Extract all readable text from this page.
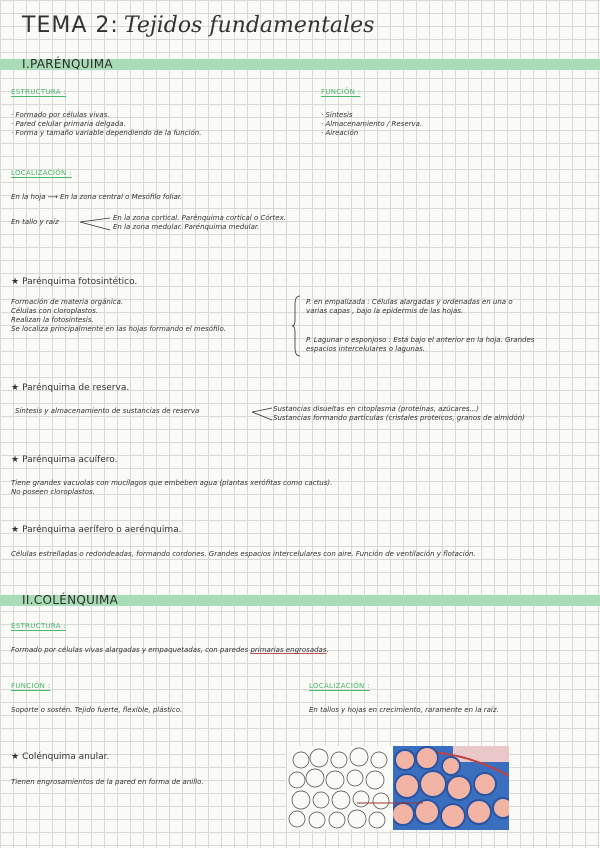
TEMA 2: Tejidos fundamentales
I.PARÉNQUIMA
ESTRUCTURA :
· Formado por células vivas.
· Pared celular primaria delgada.
· Forma y tamaño variable dependiendo de la función.
FUNCIÓN :
· Síntesis
· Almacenamiento / Reserva.
· Aireación
LOCALIZACIÓN :
En la hoja ⟶ En la zona central o Mesófilo foliar.
En tallo y raíz	En la zona cortical. Parénquima cortical o Córtex.
En la zona medular. Parénquima medular.
★ Parénquima fotosintético.
Formación de materia orgánica.
Células con cloroplastos.
Realizan la fotosíntesis.
Se localiza principalmente en las hojas formando el mesófilo.
P. en empalizada : Células alargadas y ordenadas en una o
varias capas , bajo la epidermis de las hojas.
P. Lagunar o esponjoso : Está bajo el anterior en la hoja. Grandes
espacios intercelulares o lagunas.
★ Parénquima de reserva.
Síntesis y almacenamiento de sustancias de reserva	Sustancias disueltas en citoplasma (proteínas, azúcares...)
Sustancias formando partículas (cristales proteicos, granos de almidón)
★ Parénquima acuífero.
Tiene grandes vacuolas con mucílagos que embeben agua (plantas xerófitas como cactus).
No poseen cloroplastos.
★ Parénquima aerífero o aerénquima.
Células estrelladas o redondeadas, formando cordones. Grandes espacios intercelulares con aire. Función de ventilación y flotación.
II.COLÉNQUIMA
ESTRUCTURA :
Formado por células vivas alargadas y empaquetadas, con paredes primarias engrosadas.
FUNCIÓN :
Soporte o sostén. Tejido fuerte, flexible, plástico.
LOCALIZACIÓN :
En tallos y hojas en crecimiento, raramente en la raíz.
★ Colénquima anular.
Tienen engrosamientos de la pared en forma de anillo.
